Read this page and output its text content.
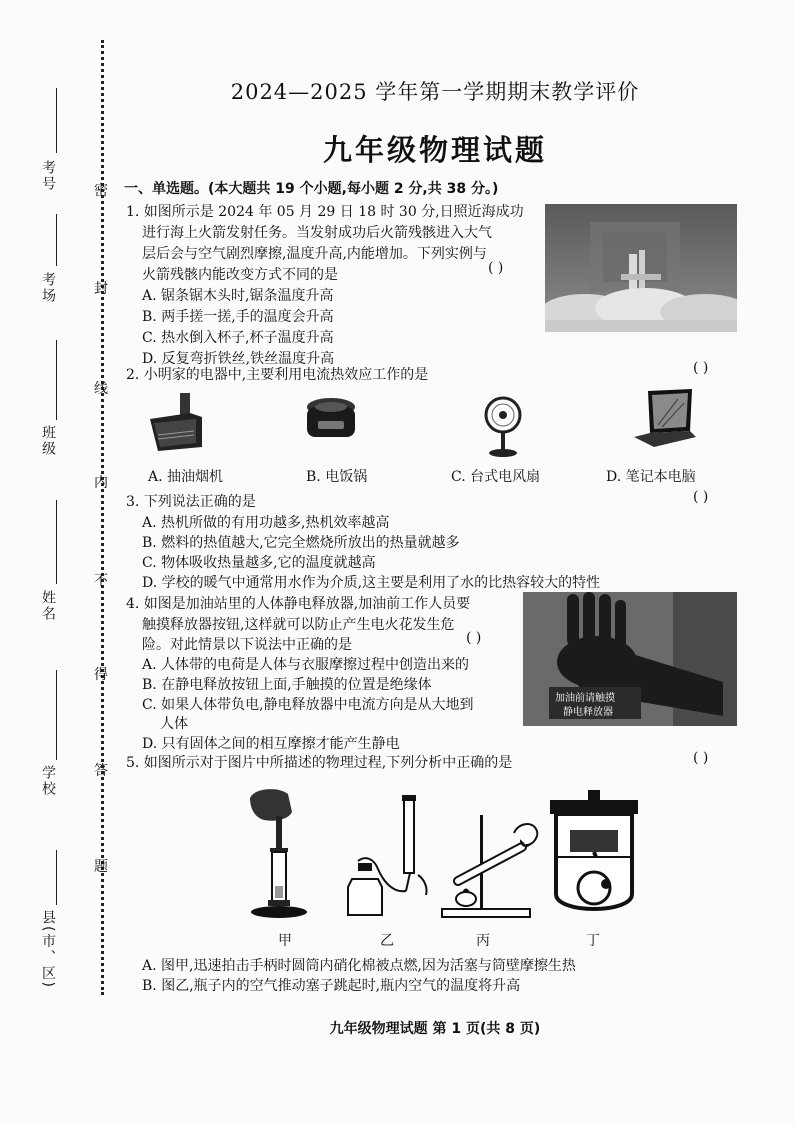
考号
考场
班级
姓名
学校
县(市、区)
密
封
线
内
不
得
答
题
2024—2025 学年第一学期期末教学评价
九年级物理试题
一、单选题。(本大题共 19 个小题,每小题 2 分,共 38 分。)
1. 如图所示是 2024 年 05 月 29 日 18 时 30 分,日照近海成功
进行海上火箭发射任务。当发射成功后火箭残骸进入大气
层后会与空气剧烈摩擦,温度升高,内能增加。下列实例与
火箭残骸内能改变方式不同的是	( )
A. 锯条锯木头时,锯条温度升高
B. 两手搓一搓,手的温度会升高
C. 热水倒入杯子,杯子温度升高
D. 反复弯折铁丝,铁丝温度升高
2. 小明家的电器中,主要利用电流热效应工作的是	( )
A. 抽油烟机	B. 电饭锅	C. 台式电风扇	D. 笔记本电脑
3. 下列说法正确的是	( )
A. 热机所做的有用功越多,热机效率越高
B. 燃料的热值越大,它完全燃烧所放出的热量就越多
C. 物体吸收热量越多,它的温度就越高
D. 学校的暖气中通常用水作为介质,这主要是利用了水的比热容较大的特性
4. 如图是加油站里的人体静电释放器,加油前工作人员要
触摸释放器按钮,这样就可以防止产生电火花发生危
险。对此情景以下说法中正确的是	( )
A. 人体带的电荷是人体与衣服摩擦过程中创造出来的
B. 在静电释放按钮上面,手触摸的位置是绝缘体
C. 如果人体带负电,静电释放器中电流方向是从大地到
人体
D. 只有固体之间的相互摩擦才能产生静电
加油前请触摸
静电释放器
5. 如图所示对于图片中所描述的物理过程,下列分析中正确的是	( )
甲	乙	丙	丁
A. 图甲,迅速拍击手柄时圆筒内硝化棉被点燃,因为活塞与筒壁摩擦生热
B. 图乙,瓶子内的空气推动塞子跳起时,瓶内空气的温度将升高
九年级物理试题 第 1 页(共 8 页)
